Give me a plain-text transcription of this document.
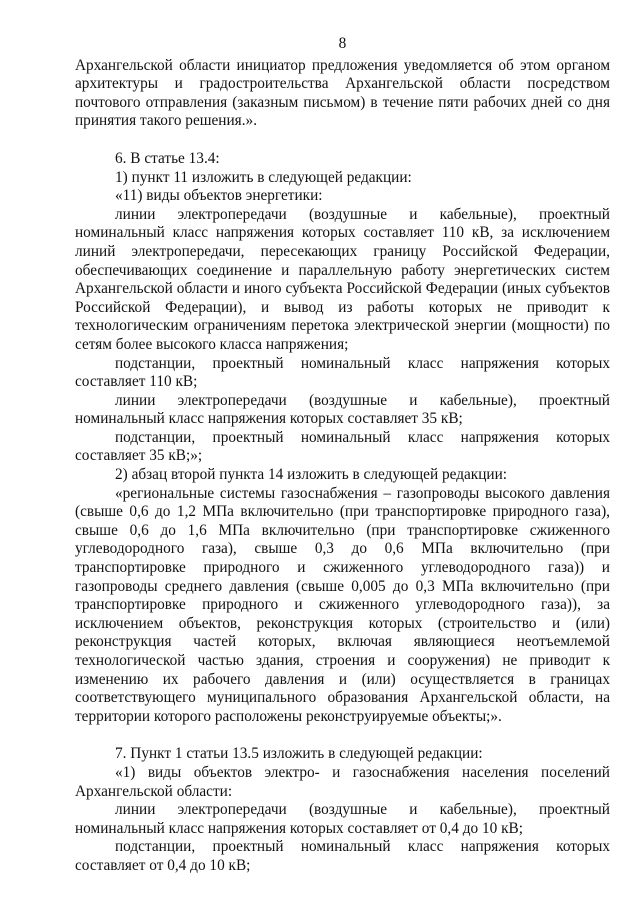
8

Архангельской области инициатор предложения уведомляется об этом органом архитектуры и градостроительства Архангельской области посредством почтового отправления (заказным письмом) в течение пяти рабочих дней со дня принятия такого решения.».

6. В статье 13.4:

1) пункт 11 изложить в следующей редакции:

«11) виды объектов энергетики:

линии электропередачи (воздушные и кабельные), проектный номинальный класс напряжения которых составляет 110 кВ, за исключением линий электропередачи, пересекающих границу Российской Федерации, обеспечивающих соединение и параллельную работу энергетических систем Архангельской области и иного субъекта Российской Федерации (иных субъектов Российской Федерации), и вывод из работы которых не приводит к технологическим ограничениям перетока электрической энергии (мощности) по сетям более высокого класса напряжения;

подстанции, проектный номинальный класс напряжения которых составляет 110 кВ;

линии электропередачи (воздушные и кабельные), проектный номинальный класс напряжения которых составляет 35 кВ;

подстанции, проектный номинальный класс напряжения которых составляет 35 кВ;»;

2) абзац второй пункта 14 изложить в следующей редакции:

«региональные системы газоснабжения – газопроводы высокого давления (свыше 0,6 до 1,2 МПа включительно (при транспортировке природного газа), свыше 0,6 до 1,6 МПа включительно (при транспортировке сжиженного углеводородного газа), свыше 0,3 до 0,6 МПа включительно (при транспортировке природного и сжиженного углеводородного газа)) и газопроводы среднего давления (свыше 0,005 до 0,3 МПа включительно (при транспортировке природного и сжиженного углеводородного газа)), за исключением объектов, реконструкция которых (строительство и (или) реконструкция частей которых, включая являющиеся неотъемлемой технологической частью здания, строения и сооружения) не приводит к изменению их рабочего давления и (или) осуществляется в границах соответствующего муниципального образования Архангельской области, на территории которого расположены реконструируемые объекты;».

7. Пункт 1 статьи 13.5 изложить в следующей редакции:

«1) виды объектов электро- и газоснабжения населения поселений Архангельской области:

линии электропередачи (воздушные и кабельные), проектный номинальный класс напряжения которых составляет от 0,4 до 10 кВ;

подстанции, проектный номинальный класс напряжения которых составляет от 0,4 до 10 кВ;
